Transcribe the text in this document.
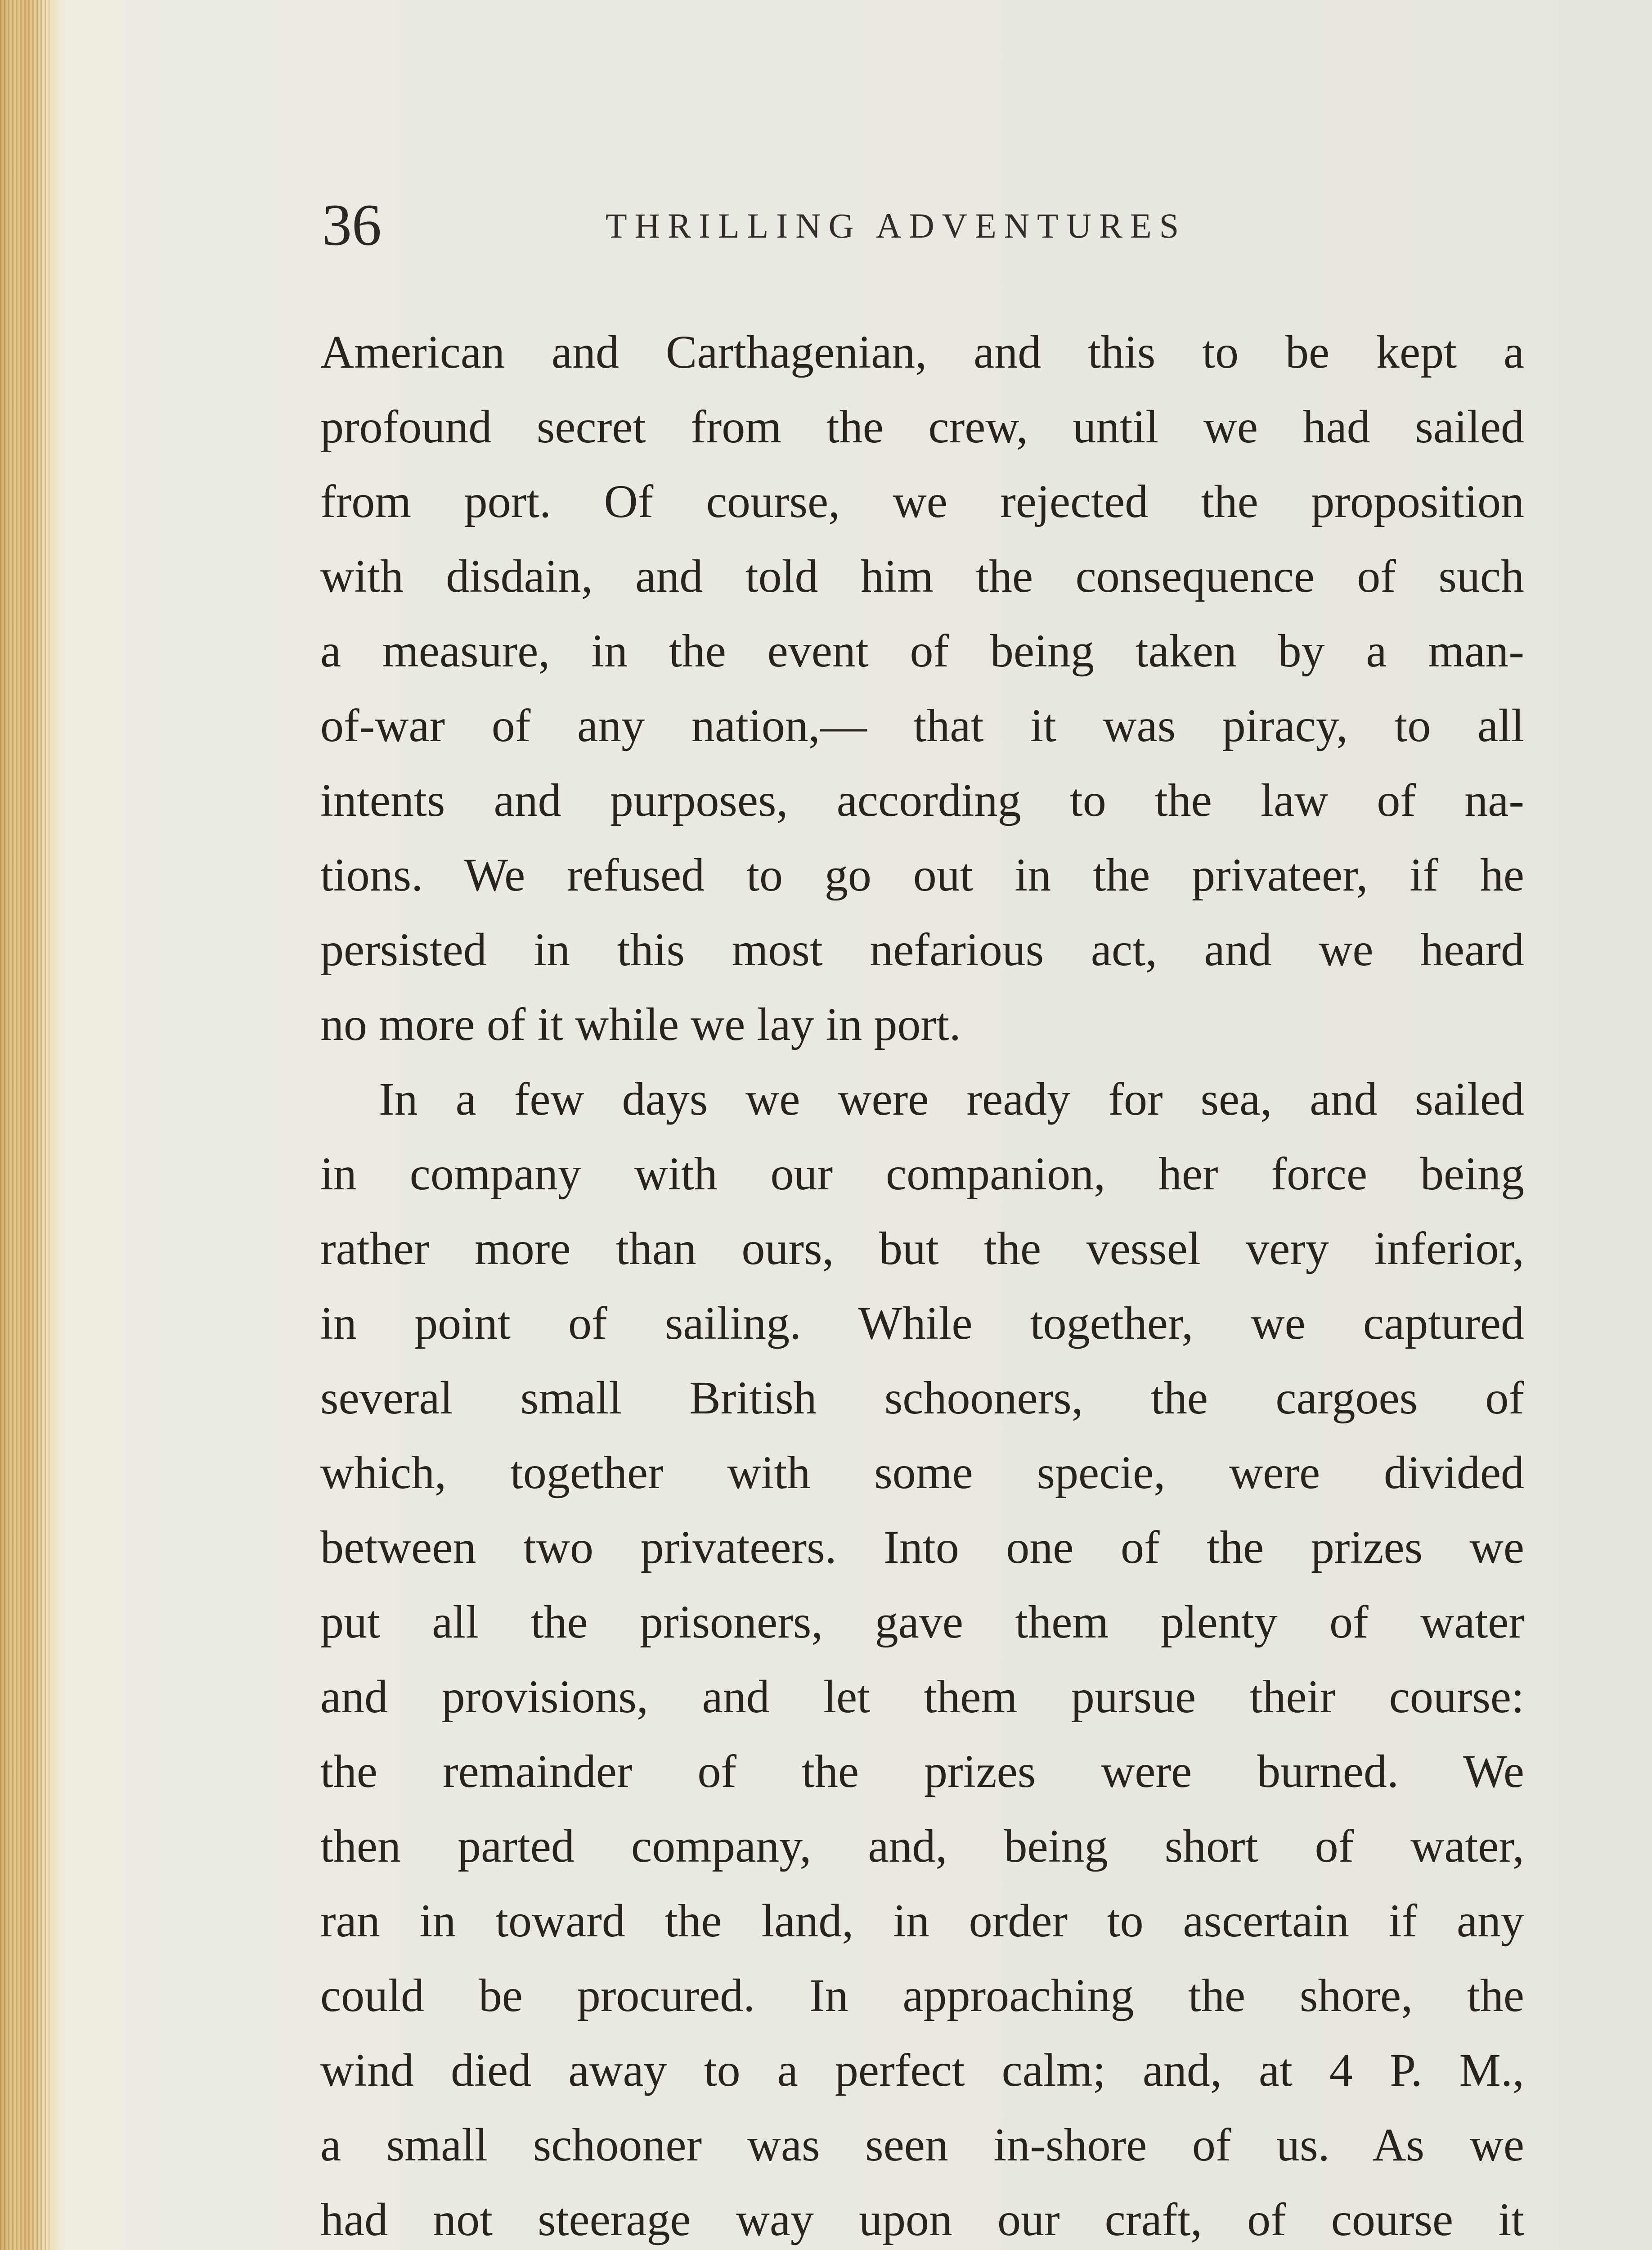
36	THRILLING ADVENTURES
American and Carthagenian, and this to be kept a
profound secret from the crew, until we had sailed
from port. Of course, we rejected the proposition
with disdain, and told him the consequence of such
a measure, in the event of being taken by a man-
of-war of any nation,— that it was piracy, to all
intents and purposes, according to the law of na-
tions. We refused to go out in the privateer, if he
persisted in this most nefarious act, and we heard
no more of it while we lay in port.
In a few days we were ready for sea, and sailed
in company with our companion, her force being
rather more than ours, but the vessel very inferior,
in point of sailing. While together, we captured
several small British schooners, the cargoes of
which, together with some specie, were divided
between two privateers. Into one of the prizes we
put all the prisoners, gave them plenty of water
and provisions, and let them pursue their course:
the remainder of the prizes were burned. We
then parted company, and, being short of water,
ran in toward the land, in order to ascertain if any
could be procured. In approaching the shore, the
wind died away to a perfect calm; and, at 4 P. M.,
a small schooner was seen in-shore of us. As we
had not steerage way upon our craft, of course it
